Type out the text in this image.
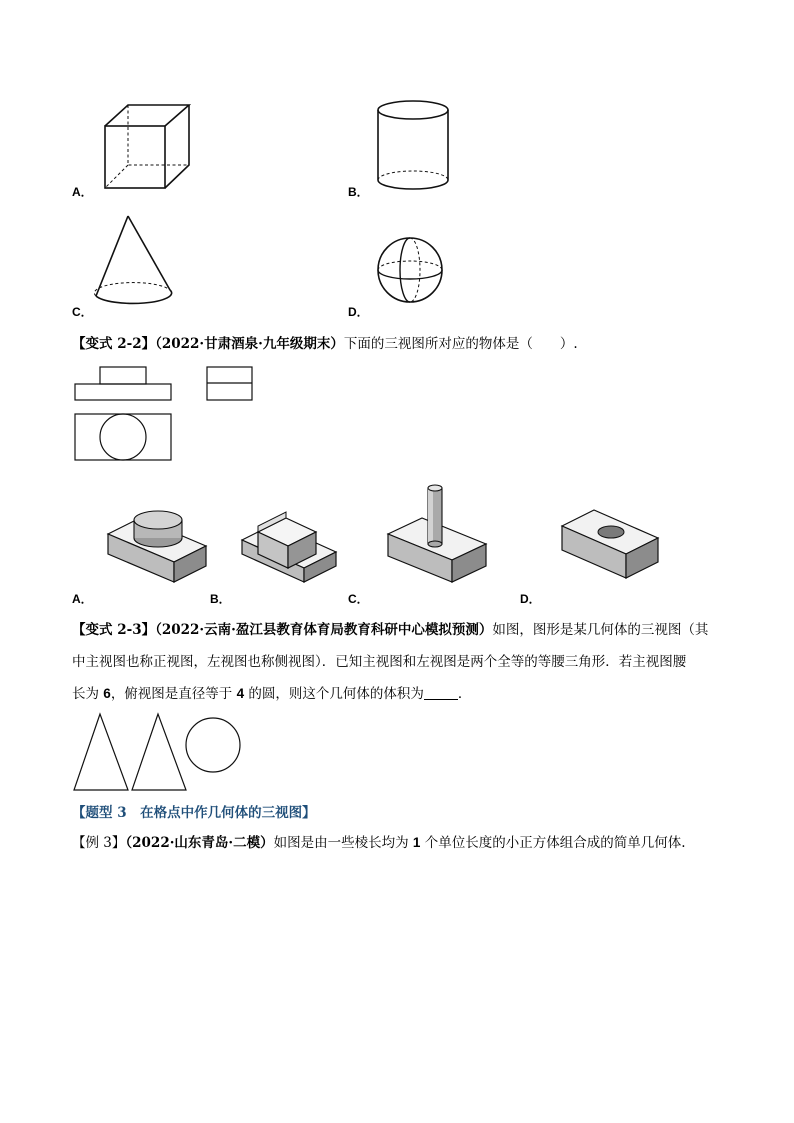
A．	B．
C．	D．
【变式 2-2】（2022·甘肃酒泉·九年级期末）下面的三视图所对应的物体是（　　）.
A．	B．	C．	D．
【变式 2-3】（2022·云南·盈江县教育体育局教育科研中心模拟预测）如图，图形是某几何体的三视图（其
中主视图也称正视图，左视图也称侧视图）．已知主视图和左视图是两个全等的等腰三角形．若主视图腰
长为 6，俯视图是直径等于 4 的圆，则这个几何体的体积为	．
【题型 3　在格点中作几何体的三视图】
【例 3】（2022·山东青岛·二模）如图是由一些棱长均为 1 个单位长度的小正方体组合成的简单几何体.
